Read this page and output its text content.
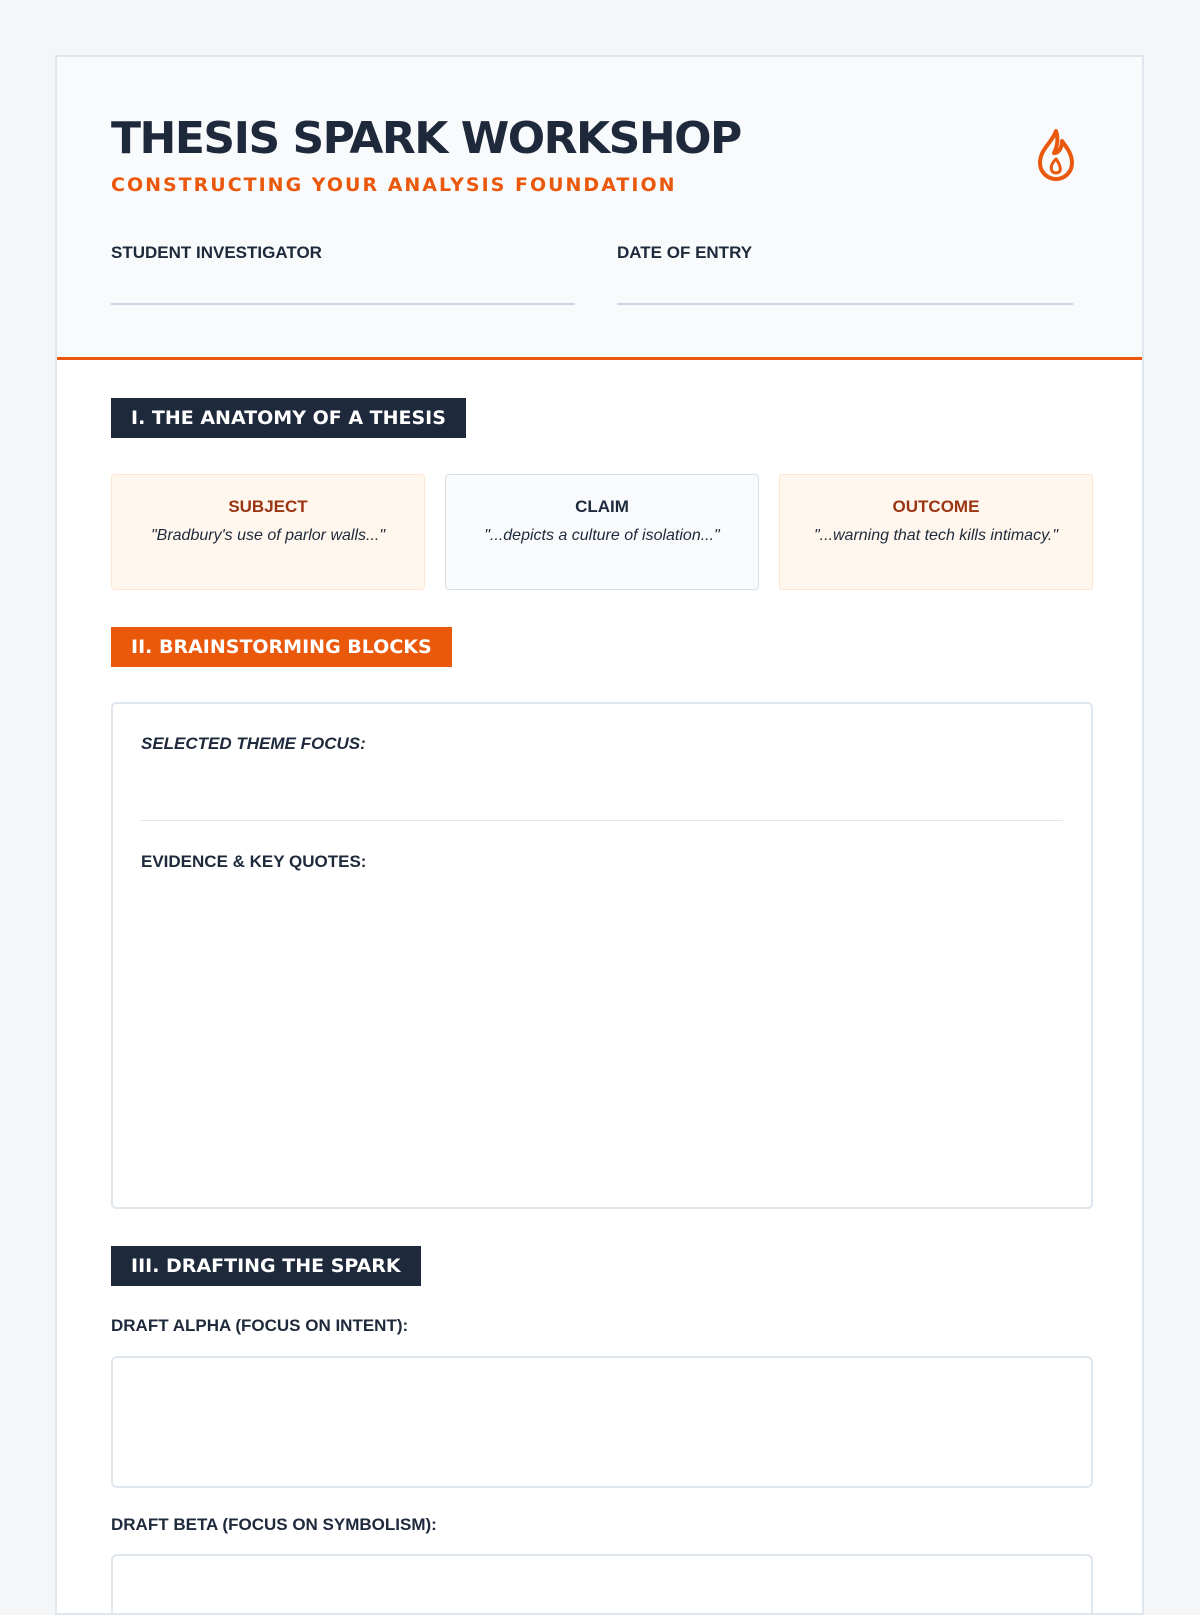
THESIS SPARK WORKSHOP
CONSTRUCTING YOUR ANALYSIS FOUNDATION
STUDENT INVESTIGATOR	DATE OF ENTRY
I. THE ANATOMY OF A THESIS
SUBJECT
"Bradbury's use of parlor walls..."
CLAIM
"...depicts a culture of isolation..."
OUTCOME
"...warning that tech kills intimacy."
II. BRAINSTORMING BLOCKS
SELECTED THEME FOCUS:
EVIDENCE & KEY QUOTES:
III. DRAFTING THE SPARK
DRAFT ALPHA (FOCUS ON INTENT):
DRAFT BETA (FOCUS ON SYMBOLISM):
